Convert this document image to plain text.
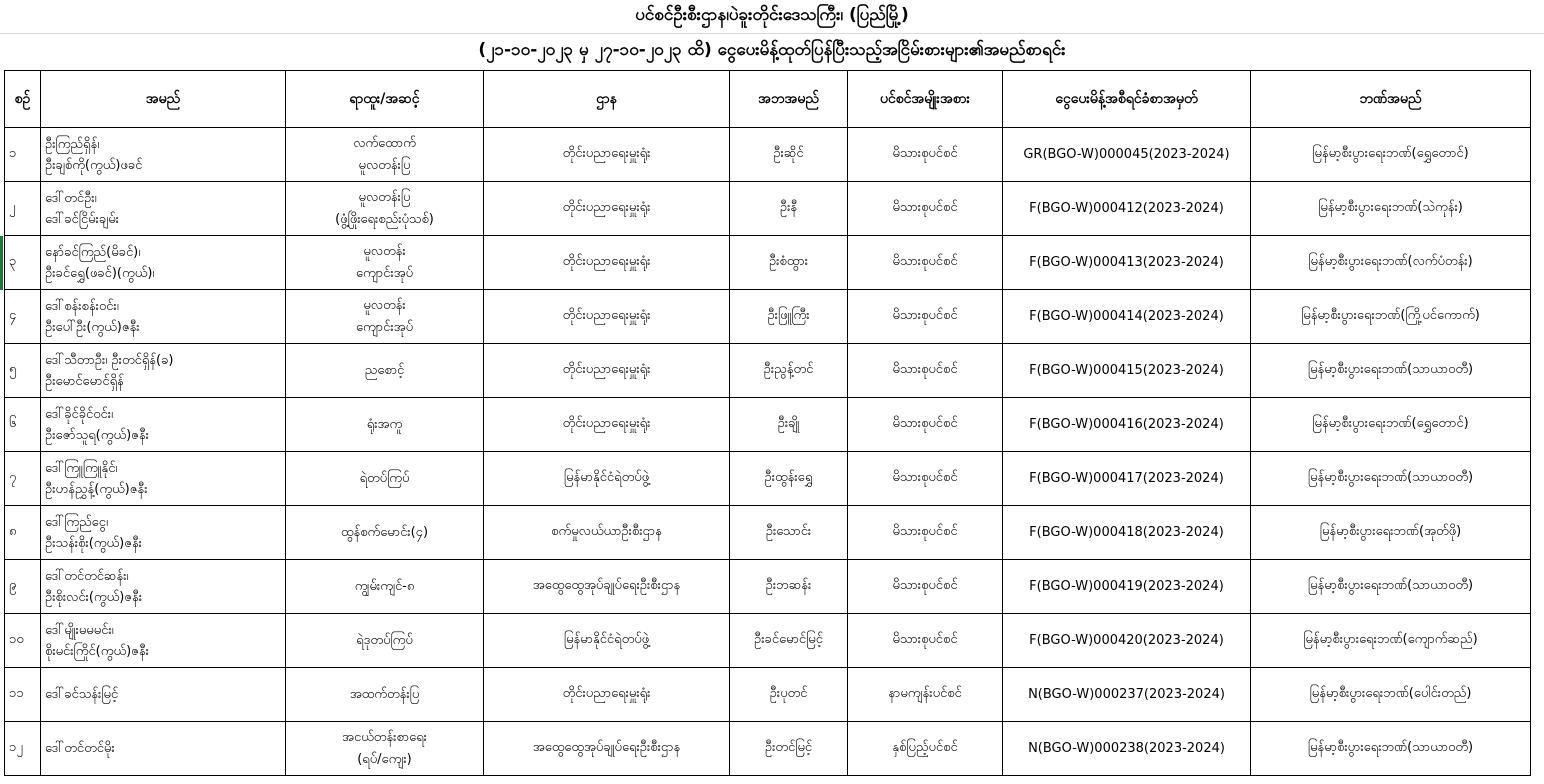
ပင်စင်ဦးစီးဌာန၊ပဲခူးတိုင်းဒေသကြီး၊ (ပြည်မြို့)
(၂၁-၁၀-၂၀၂၃ မှ ၂၇-၁၀-၂၀၂၃ ထိ) ငွေပေးမိန့်ထုတ်ပြန်ပြီးသည့်အငြိမ်းစားများ၏အမည်စာရင်း
စဉ်	အမည်	ရာထူး/အဆင့်	ဌာန	အဘအမည်	ပင်စင်အမျိုးအစား	ငွေပေးမိန့်အစီရင်ခံစာအမှတ်	ဘဏ်အမည်

၁	ဦးကြည်ရှိန်၊
ဦးချစ်ကို(ကွယ်)ဖခင်	လက်ထောက်
မူလတန်းပြ	တိုင်းပညာရေးမှူးရုံး	ဦးဆိုင်	မိသားစုပင်စင်	GR(BGO-W)000045(2023-2024)	မြန်မာ့စီးပွားရေးဘဏ်(ရွှေတောင်)

၂	ဒေါ်တင်ဦး၊
ဒေါ်ခင်ငြိမ်းချမ်း	မူလတန်းပြ
(ဖွံ့ဖြိုးရေးစည်းပုံသစ်)	တိုင်းပညာရေးမှူးရုံး	ဦးနီ	မိသားစုပင်စင်	F(BGO-W)000412(2023-2024)	မြန်မာ့စီးပွားရေးဘဏ်(သဲကုန်း)

၃	နော်ခင်ကြည်(မိခင်)၊
ဦးခင်ရွှေ(ဖခင်)(ကွယ်)၊	မူလတန်း
ကျောင်းအုပ်	တိုင်းပညာရေးမှူးရုံး	ဦးစံထွား	မိသားစုပင်စင်	F(BGO-W)000413(2023-2024)	မြန်မာ့စီးပွားရေးဘဏ်(လက်ပံတန်း)

၄	ဒေါ်စန်းစန်းဝင်း၊
ဦးပေါ်ဦး(ကွယ်)ဇနီး	မူလတန်း
ကျောင်းအုပ်	တိုင်းပညာရေးမှူးရုံး	ဦးဖြူကြီး	မိသားစုပင်စင်	F(BGO-W)000414(2023-2024)	မြန်မာ့စီးပွားရေးဘဏ်(ကြို့ပင်ကောက်)

၅	ဒေါ်သီတာဦး၊ ဦးတင်ရှိန်(ခ)
ဦးမောင်မောင်ရှိန်	ညစောင့်	တိုင်းပညာရေးမှူးရုံး	ဦးညွန့်တင်	မိသားစုပင်စင်	F(BGO-W)000415(2023-2024)	မြန်မာ့စီးပွားရေးဘဏ်(သာယာဝတီ)

၆	ဒေါ်ခိုင်ခိုင်ဝင်း၊
ဦးဇော်သူရ(ကွယ်)ဇနီး	ရုံးအကူ	တိုင်းပညာရေးမှူးရုံး	ဦးချို	မိသားစုပင်စင်	F(BGO-W)000416(2023-2024)	မြန်မာ့စီးပွားရေးဘဏ်(ရွှေတောင်)

၇	ဒေါ်ကြူကြူနိုင်၊
ဦးဟန်ညွှန့်(ကွယ်)ဇနီး	ရဲတပ်ကြပ်	မြန်မာနိုင်ငံရဲတပ်ဖွဲ့	ဦးထွန်းရွှေ	မိသားစုပင်စင်	F(BGO-W)000417(2023-2024)	မြန်မာ့စီးပွားရေးဘဏ်(သာယာဝတီ)

၈	ဒေါ်ကြည်ငွေ၊
ဦးသန်းစိုး(ကွယ်)ဇနီး	ထွန်စက်မောင်း(၄)	စက်မှုလယ်ယာဦးစီးဌာန	ဦးသောင်း	မိသားစုပင်စင်	F(BGO-W)000418(2023-2024)	မြန်မာ့စီးပွားရေးဘဏ်(အုတ်ဖို)

၉	ဒေါ်တင်တင်ဆန်း၊
ဦးစိုးလင်း(ကွယ်)ဇနီး	ကျွမ်းကျင်-၈	အထွေထွေအုပ်ချုပ်ရေးဦးစီးဌာန	ဦးဘဆန်း	မိသားစုပင်စင်	F(BGO-W)000419(2023-2024)	မြန်မာ့စီးပွားရေးဘဏ်(သာယာဝတီ)

၁၀	ဒေါ်မျိုးမမမင်း၊
စိုးမင်းကြိုင်(ကွယ်)ဇနီး	ရဲဒုတပ်ကြပ်	မြန်မာနိုင်ငံရဲတပ်ဖွဲ့	ဦးခင်မောင်မြင့်	မိသားစုပင်စင်	F(BGO-W)000420(2023-2024)	မြန်မာ့စီးပွားရေးဘဏ်(ကျောက်ဆည်)

၁၁	ဒေါ်ခင်သန်းမြင့်	အထက်တန်းပြ	တိုင်းပညာရေးမှူးရုံး	ဦးပုတင်	နာမကျန်းပင်စင်	N(BGO-W)000237(2023-2024)	မြန်မာ့စီးပွားရေးဘဏ်(ပေါင်းတည်)

၁၂	ဒေါ်တင်တင်မိုး	အငယ်တန်းစာရေး
(ရပ်/ကျေး)	အထွေထွေအုပ်ချုပ်ရေးဦးစီးဌာန	ဦးတင်မြင့်	နှစ်ပြည့်ပင်စင်	N(BGO-W)000238(2023-2024)	မြန်မာ့စီးပွားရေးဘဏ်(သာယာဝတီ)
